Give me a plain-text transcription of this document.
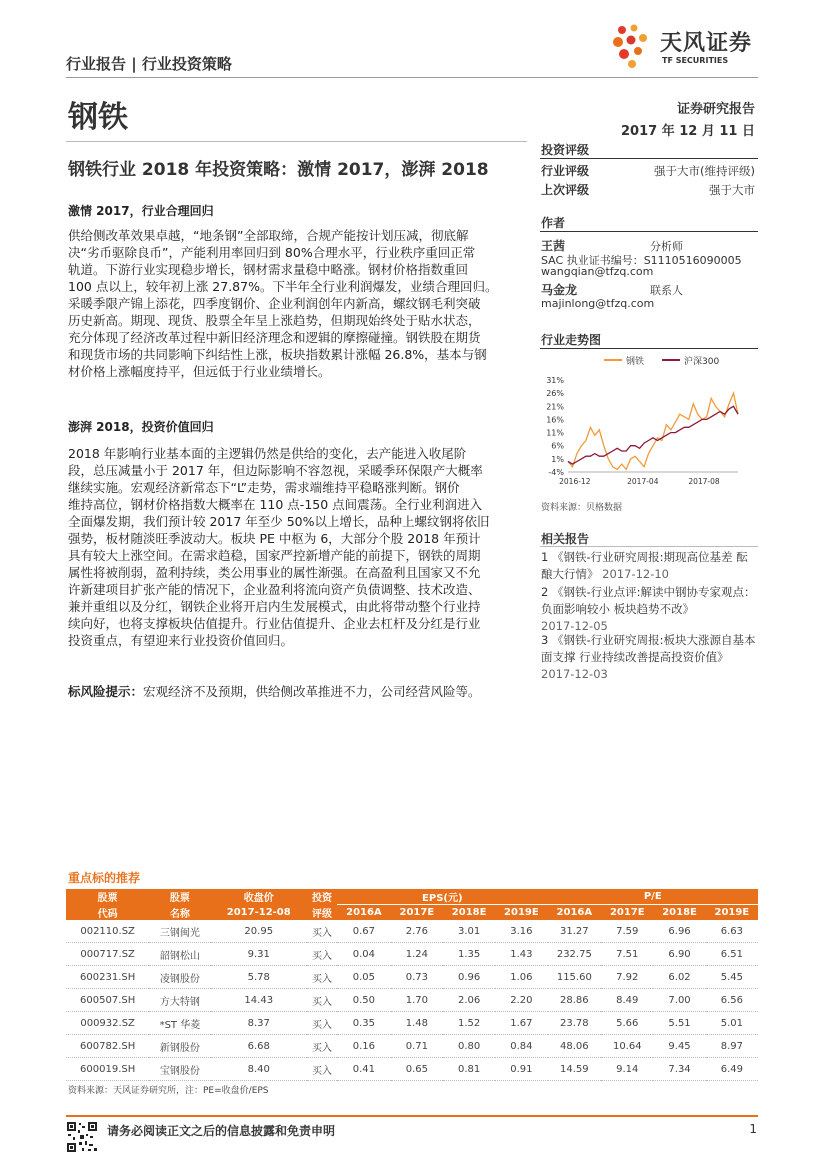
行业报告 | 行业投资策略
天风证券
TF SECURITIES
钢铁	证券研究报告
2017 年 12 月 11 日
钢铁行业 2018 年投资策略：激情 2017，澎湃 2018
激情 2017，行业合理回归
供给侧改革效果卓越，“地条钢”全部取缔，合规产能按计划压减，彻底解
决“劣币驱除良币”，产能利用率回归到 80%合理水平，行业秩序重回正常
轨道。下游行业实现稳步增长，钢材需求量稳中略涨。钢材价格指数重回
100 点以上，较年初上涨 27.87%。下半年全行业利润爆发，业绩合理回归。
采暖季限产锦上添花，四季度钢价、企业利润创年内新高，螺纹钢毛利突破
历史新高。期现、现货、股票全年呈上涨趋势，但期现始终处于贴水状态，
充分体现了经济改革过程中新旧经济理念和逻辑的摩擦碰撞。钢铁股在期货
和现货市场的共同影响下纠结性上涨，板块指数累计涨幅 26.8%，基本与钢
材价格上涨幅度持平，但远低于行业业绩增长。
澎湃 2018，投资价值回归
2018 年影响行业基本面的主逻辑仍然是供给的变化，去产能进入收尾阶
段，总压减量小于 2017 年，但边际影响不容忽视，采暖季环保限产大概率
继续实施。宏观经济新常态下“L”走势，需求端维持平稳略涨判断。钢价
维持高位，钢材价格指数大概率在 110 点-150 点间震荡。全行业利润进入
全面爆发期，我们预计较 2017 年至少 50%以上增长，品种上螺纹钢将依旧
强势，板材随淡旺季波动大。板块 PE 中枢为 6，大部分个股 2018 年预计
具有较大上涨空间。在需求趋稳，国家严控新增产能的前提下，钢铁的周期
属性将被削弱，盈利持续，类公用事业的属性渐强。在高盈利且国家又不允
许新建项目扩张产能的情况下，企业盈利将流向资产负债调整、技术改造、
兼并重组以及分红，钢铁企业将开启内生发展模式，由此将带动整个行业持
续向好，也将支撑板块估值提升。行业估值提升、企业去杠杆及分红是行业
投资重点，有望迎来行业投资价值回归。
标风险提示：宏观经济不及预期，供给侧改革推进不力，公司经营风险等。
投资评级
行业评级	强于大市(维持评级)
上次评级	强于大市
作者
王茜	分析师
SAC 执业证书编号：S1110516090005
wangqian@tfzq.com
马金龙	联系人
majinlong@tfzq.com
行业走势图
钢铁	沪深300
31%
26%
21%
16%
11%
6%
1%
-4%
2016-12	2017-04	2017-08
资料来源：贝格数据
相关报告
1 《钢铁-行业研究周报:期现高位基差 酝酿大行情》 2017-12-10
2 《钢铁-行业点评:解读中钢协专家观点：负面影响较小 板块趋势不改》
2017-12-05
3 《钢铁-行业研究周报:板块大涨源自基本面支撑 行业持续改善提高投资价值》 2017-12-03
重点标的推荐
股票	股票	收盘价	投资	EPS(元)				P/E			
代码	名称	2017-12-08	评级	2016A	2017E	2018E	2019E	2016A	2017E	2018E	2019E
002110.SZ	三钢闽光	20.95	买入	0.67	2.76	3.01	3.16	31.27	7.59	6.96	6.63
000717.SZ	韶钢松山	9.31	买入	0.04	1.24	1.35	1.43	232.75	7.51	6.90	6.51
600231.SH	凌钢股份	5.78	买入	0.05	0.73	0.96	1.06	115.60	7.92	6.02	5.45
600507.SH	方大特钢	14.43	买入	0.50	1.70	2.06	2.20	28.86	8.49	7.00	6.56
000932.SZ	*ST 华菱	8.37	买入	0.35	1.48	1.52	1.67	23.78	5.66	5.51	5.01
600782.SH	新钢股份	6.68	买入	0.16	0.71	0.80	0.84	48.06	10.64	9.45	8.97
600019.SH	宝钢股份	8.40	买入	0.41	0.65	0.81	0.91	14.59	9.14	7.34	6.49
资料来源：天风证券研究所，注：PE=收盘价/EPS
请务必阅读正文之后的信息披露和免责申明	1
